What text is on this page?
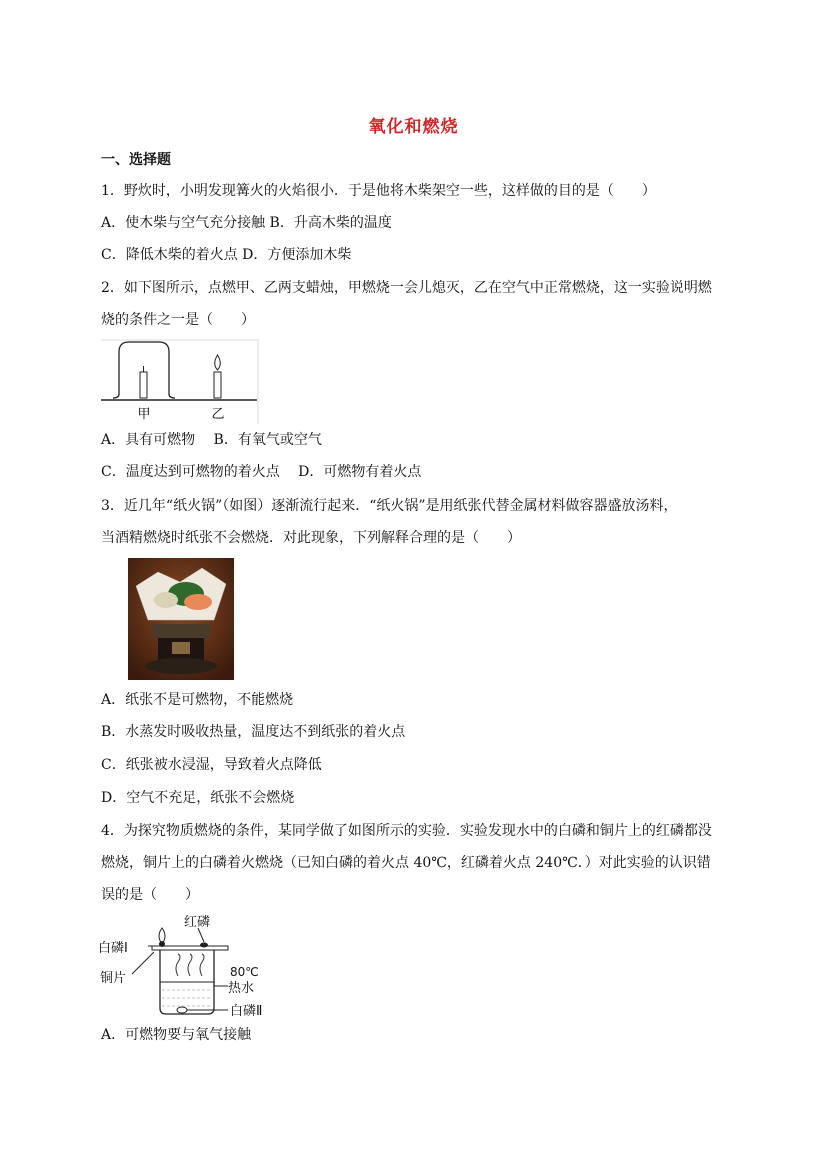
氧化和燃烧
一、选择题
1．野炊时，小明发现篝火的火焰很小．于是他将木柴架空一些，这样做的目的是（　　）
A．使木柴与空气充分接触 B．升高木柴的温度
C．降低木柴的着火点 D．方便添加木柴
2．如下图所示，点燃甲、乙两支蜡烛，甲燃烧一会儿熄灭，乙在空气中正常燃烧，这一实验说明燃
烧的条件之一是（　　）
甲	乙
A．具有可燃物　 B．有氧气或空气
C．温度达到可燃物的着火点　 D．可燃物有着火点
3．近几年“纸火锅”（如图）逐渐流行起来．“纸火锅”是用纸张代替金属材料做容器盛放汤料，
当酒精燃烧时纸张不会燃烧．对此现象，下列解释合理的是（　　）
A．纸张不是可燃物，不能燃烧
B．水蒸发时吸收热量，温度达不到纸张的着火点
C．纸张被水浸湿，导致着火点降低
D．空气不充足，纸张不会燃烧
4．为探究物质燃烧的条件，某同学做了如图所示的实验．实验发现水中的白磷和铜片上的红磷都没
燃烧，铜片上的白磷着火燃烧（已知白磷的着火点 40℃，红磷着火点 240℃．）对此实验的认识错
误的是（　　）
红磷
白磷Ⅰ
铜片	80℃
热水
白磷Ⅱ
A．可燃物要与氧气接触
